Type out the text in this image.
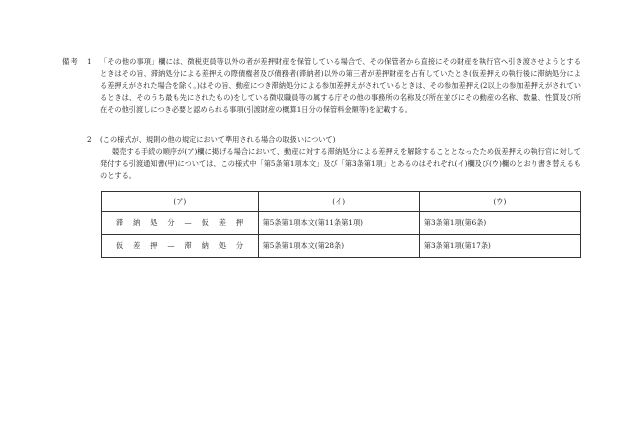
備考 1	「その他の事項」欄には、徴税吏員等以外の者が差押財産を保管している場合で、その保管者から直接にその財産を執行官へ引き渡させようとするときはその旨、滞納処分による差押えの際債権者及び債務者(滞納者)以外の第三者が差押財産を占有していたとき(仮差押えの執行後に滞納処分による差押えがされた場合を除く。)はその旨、動産につき滞納処分による参加差押えがされているときは、その参加差押え(2以上の参加差押えがされているときは、そのうち最も先にされたもの)をしている徴収職員等の属する庁その他の事務所の名称及び所在並びにその動産の名称、数量、性質及び所在その他引渡しにつき必要と認められる事項(引渡財産の概算1日分の保管料金額等)を記載する。
2	(この様式が、規則の他の規定において準用される場合の取扱いについて)
競売する手続の順序が(ア)欄に掲げる場合において、動産に対する滞納処分による差押えを解除することとなったため仮差押えの執行官に対して発付する引渡通知書(甲)については、この様式中「第5条第1項本文」及び「第3条第1項」とあるのはそれぞれ(イ)欄及び(ウ)欄のとおり書き替えるものとする。
(ア)	(イ)	(ウ)

滞納処分—仮差押	第5条第1項本文(第11条第1項)	第3条第1項(第6条)

仮差押—滞納処分	第5条第1項本文(第28条)	第3条第1項(第17条)
